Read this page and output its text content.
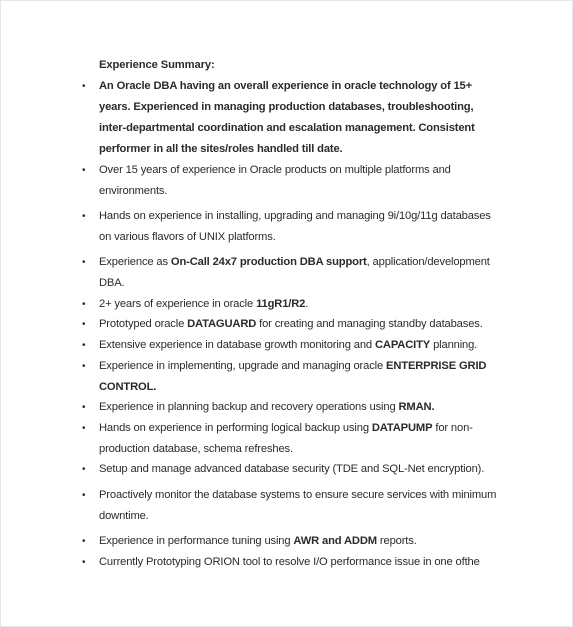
Experience Summary:
• An Oracle DBA having an overall experience in oracle technology of 15+ years. Experienced in managing production databases, troubleshooting, inter-departmental coordination and escalation management. Consistent performer in all the sites/roles handled till date.
• Over 15 years of experience in Oracle products on multiple platforms and environments.
• Hands on experience in installing, upgrading and managing 9i/10g/11g databases on various flavors of UNIX platforms.
• Experience as On-Call 24x7 production DBA support, application/development DBA.
• 2+ years of experience in oracle 11gR1/R2.
• Prototyped oracle DATAGUARD for creating and managing standby databases.
• Extensive experience in database growth monitoring and CAPACITY planning.
• Experience in implementing, upgrade and managing oracle ENTERPRISE GRID CONTROL.
• Experience in planning backup and recovery operations using RMAN.
• Hands on experience in performing logical backup using DATAPUMP for non-production database, schema refreshes.
• Setup and manage advanced database security (TDE and SQL-Net encryption).
• Proactively monitor the database systems to ensure secure services with minimum downtime.
• Experience in performance tuning using AWR and ADDM reports.
• Currently Prototyping ORION tool to resolve I/O performance issue in one ofthe
